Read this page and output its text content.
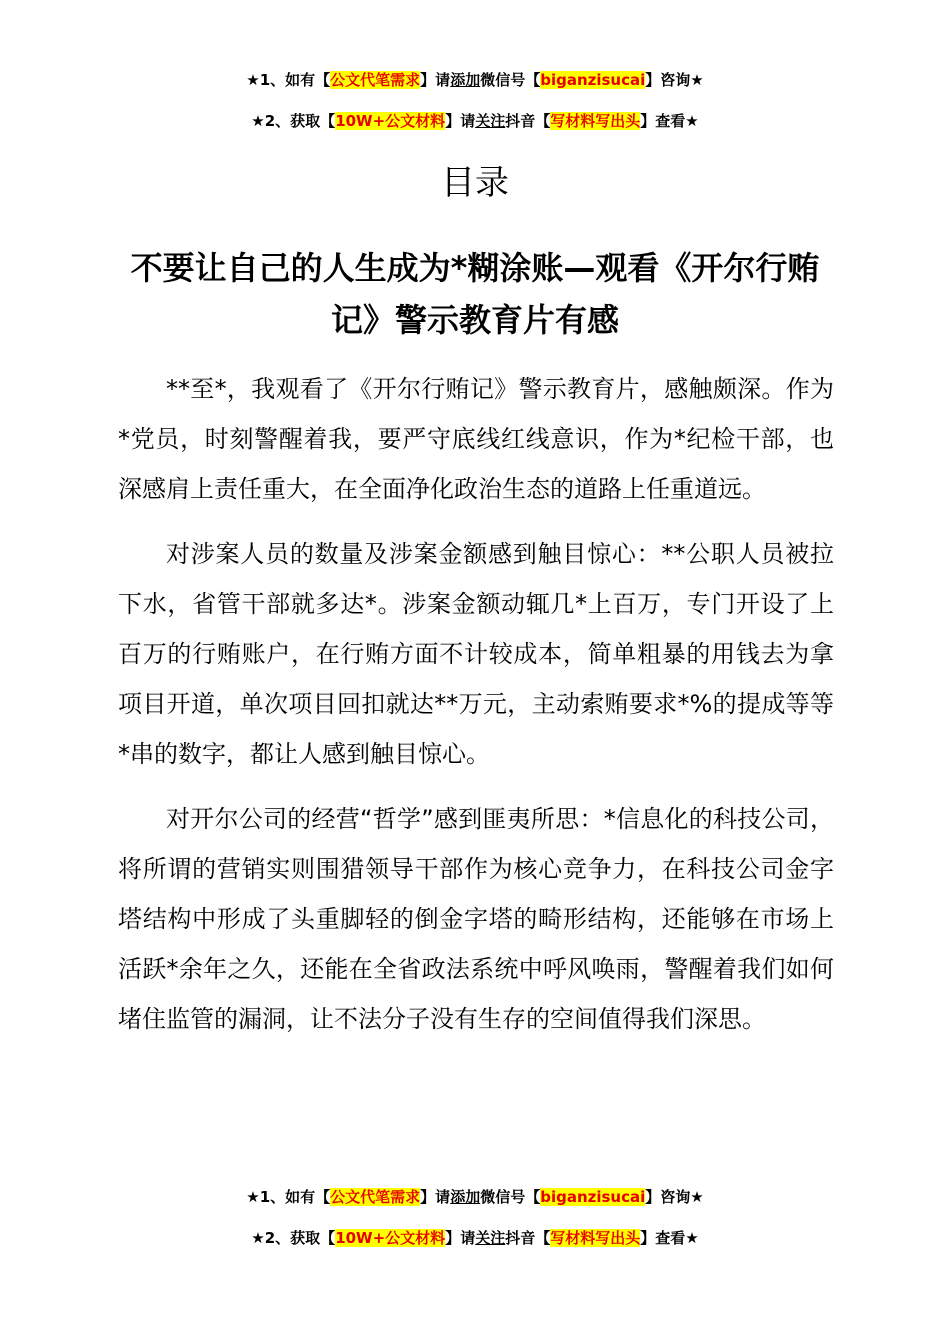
★1、如有【公文代笔需求】请添加微信号【biganzisucai】咨询★
★2、获取【10W+公文材料】请关注抖音【写材料写出头】查看★
目录
不要让自己的人生成为*糊涂账—观看《开尔行贿记》警示教育片有感

**至*，我观看了《开尔行贿记》警示教育片，感触颇深。作为*党员，时刻警醒着我，要严守底线红线意识，作为*纪检干部，也深感肩上责任重大，在全面净化政治生态的道路上任重道远。

对涉案人员的数量及涉案金额感到触目惊心：**公职人员被拉下水，省管干部就多达*。涉案金额动辄几*上百万，专门开设了上百万的行贿账户，在行贿方面不计较成本，简单粗暴的用钱去为拿项目开道，单次项目回扣就达**万元，主动索贿要求*%的提成等等*串的数字，都让人感到触目惊心。

对开尔公司的经营“哲学”感到匪夷所思：*信息化的科技公司，将所谓的营销实则围猎领导干部作为核心竞争力，在科技公司金字塔结构中形成了头重脚轻的倒金字塔的畸形结构，还能够在市场上活跃*余年之久，还能在全省政法系统中呼风唤雨，警醒着我们如何堵住监管的漏洞，让不法分子没有生存的空间值得我们深思。

★1、如有【公文代笔需求】请添加微信号【biganzisucai】咨询★
★2、获取【10W+公文材料】请关注抖音【写材料写出头】查看★
